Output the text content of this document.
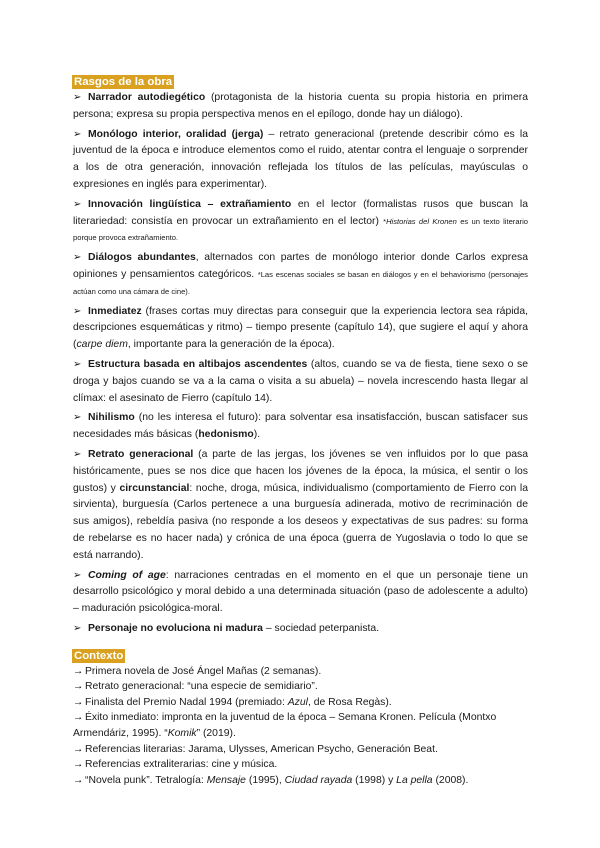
Rasgos de la obra

➢ Narrador autodiegético (protagonista de la historia cuenta su propia historia en primera persona; expresa su propia perspectiva menos en el epílogo, donde hay un diálogo).

➢ Monólogo interior, oralidad (jerga) – retrato generacional (pretende describir cómo es la juventud de la época e introduce elementos como el ruido, atentar contra el lenguaje o sorprender a los de otra generación, innovación reflejada los títulos de las películas, mayúsculas o expresiones en inglés para experimentar).

➢ Innovación lingüística – extrañamiento en el lector (formalistas rusos que buscan la literariedad: consistía en provocar un extrañamiento en el lector) *Historias del Kronen es un texto literario porque provoca extrañamiento.

➢ Diálogos abundantes, alternados con partes de monólogo interior donde Carlos expresa opiniones y pensamientos categóricos. *Las escenas sociales se basan en diálogos y en el behaviorismo (personajes actúan como una cámara de cine).

➢ Inmediatez (frases cortas muy directas para conseguir que la experiencia lectora sea rápida, descripciones esquemáticas y ritmo) – tiempo presente (capítulo 14), que sugiere el aquí y ahora (carpe diem, importante para la generación de la época).

➢ Estructura basada en altibajos ascendentes (altos, cuando se va de fiesta, tiene sexo o se droga y bajos cuando se va a la cama o visita a su abuela) – novela increscendo hasta llegar al clímax: el asesinato de Fierro (capítulo 14).

➢ Nihilismo (no les interesa el futuro): para solventar esa insatisfacción, buscan satisfacer sus necesidades más básicas (hedonismo).

➢ Retrato generacional (a parte de las jergas, los jóvenes se ven influidos por lo que pasa históricamente, pues se nos dice que hacen los jóvenes de la época, la música, el sentir o los gustos) y circunstancial: noche, droga, música, individualismo (comportamiento de Fierro con la sirvienta), burguesía (Carlos pertenece a una burguesía adinerada, motivo de recriminación de sus amigos), rebeldía pasiva (no responde a los deseos y expectativas de sus padres: su forma de rebelarse es no hacer nada) y crónica de una época (guerra de Yugoslavia o todo lo que se está narrando).

➢ Coming of age: narraciones centradas en el momento en el que un personaje tiene un desarrollo psicológico y moral debido a una determinada situación (paso de adolescente a adulto) – maduración psicológica-moral.

➢ Personaje no evoluciona ni madura – sociedad peterpanista.

Contexto

→ Primera novela de José Ángel Mañas (2 semanas).

→ Retrato generacional: “una especie de semidiario”.

→ Finalista del Premio Nadal 1994 (premiado: Azul, de Rosa Regàs).

→ Éxito inmediato: impronta en la juventud de la época – Semana Kronen. Película (Montxo Armendáriz, 1995). “Komik” (2019).

→ Referencias literarias: Jarama, Ulysses, American Psycho, Generación Beat.

→ Referencias extraliterarias: cine y música.

→ “Novela punk”. Tetralogía: Mensaje (1995), Ciudad rayada (1998) y La pella (2008).
